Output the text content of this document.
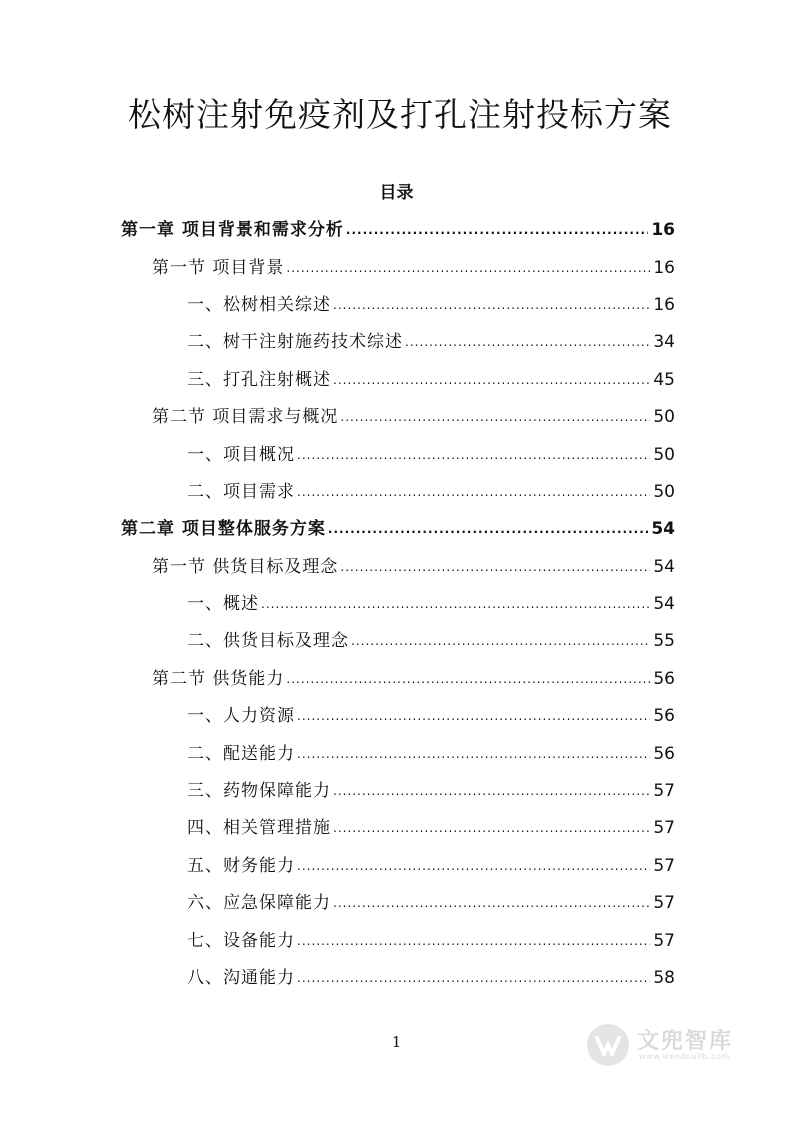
松树注射免疫剂及打孔注射投标方案
目录
第一章 项目背景和需求分析 .....	16
第一节 项目背景 .....	16
一、松树相关综述 .....	16
二、树干注射施药技术综述 .....	34
三、打孔注射概述 .....	45
第二节 项目需求与概况 .....	50
一、项目概况 .....	50
二、项目需求 .....	50
第二章 项目整体服务方案 .....	54
第一节 供货目标及理念 .....	54
一、概述 .....	54
二、供货目标及理念 .....	55
第二节 供货能力 .....	56
一、人力资源 .....	56
二、配送能力 .....	56
三、药物保障能力 .....	57
四、相关管理措施 .....	57
五、财务能力 .....	57
六、应急保障能力 .....	57
七、设备能力 .....	57
八、沟通能力 .....	58
1	文兜智库
www.wendoulib.com
